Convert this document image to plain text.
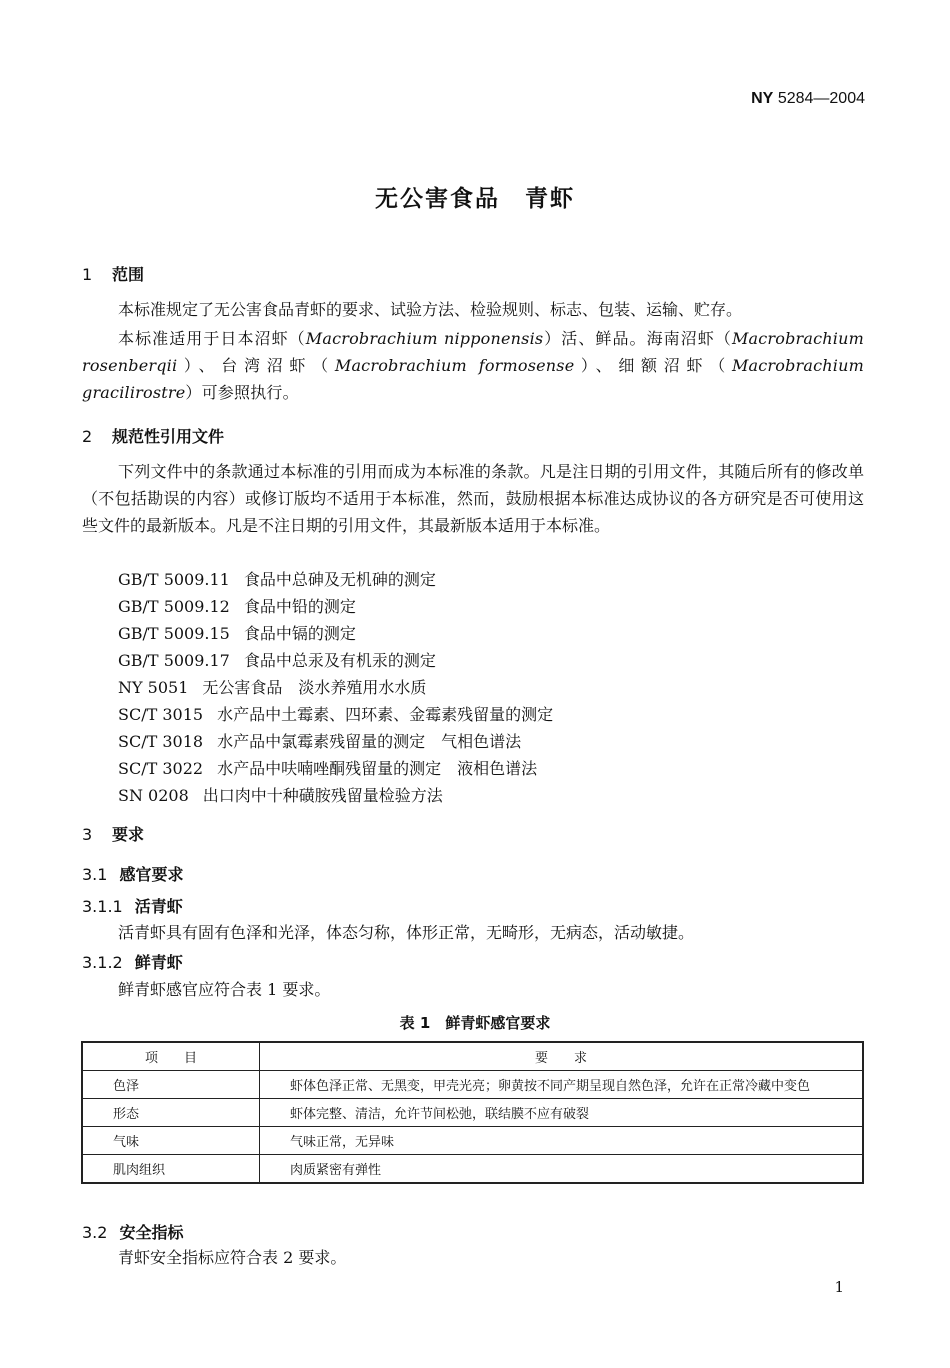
NY 5284—2004
无公害食品　青虾
1 范围
本标准规定了无公害食品青虾的要求、试验方法、检验规则、标志、包装、运输、贮存。
本标准适用于日本沼虾（Macrobrachium nipponensis）活、鲜品。海南沼虾（Macrobrachium rosenberqii）、台湾沼虾（Macrobrachium formosense）、细额沼虾（Macrobrachium gracilirostre）可参照执行。
2 规范性引用文件
下列文件中的条款通过本标准的引用而成为本标准的条款。凡是注日期的引用文件，其随后所有的修改单（不包括勘误的内容）或修订版均不适用于本标准，然而，鼓励根据本标准达成协议的各方研究是否可使用这些文件的最新版本。凡是不注日期的引用文件，其最新版本适用于本标准。
GB/T 5009.11 食品中总砷及无机砷的测定
GB/T 5009.12 食品中铅的测定
GB/T 5009.15 食品中镉的测定
GB/T 5009.17 食品中总汞及有机汞的测定
NY 5051 无公害食品　淡水养殖用水水质
SC/T 3015 水产品中土霉素、四环素、金霉素残留量的测定
SC/T 3018 水产品中氯霉素残留量的测定　气相色谱法
SC/T 3022 水产品中呋喃唑酮残留量的测定　液相色谱法
SN 0208 出口肉中十种磺胺残留量检验方法
3 要求
3.1 感官要求
3.1.1 活青虾
活青虾具有固有色泽和光泽，体态匀称，体形正常，无畸形，无病态，活动敏捷。
3.1.2 鲜青虾
鲜青虾感官应符合表 1 要求。
表 1　鲜青虾感官要求
项　　目	要　　求
色泽	虾体色泽正常、无黑变，甲壳光亮；卵黄按不同产期呈现自然色泽，允许在正常冷藏中变色
形态	虾体完整、清洁，允许节间松弛，联结膜不应有破裂
气味	气味正常，无异味
肌肉组织	肉质紧密有弹性
3.2 安全指标
青虾安全指标应符合表 2 要求。
1
